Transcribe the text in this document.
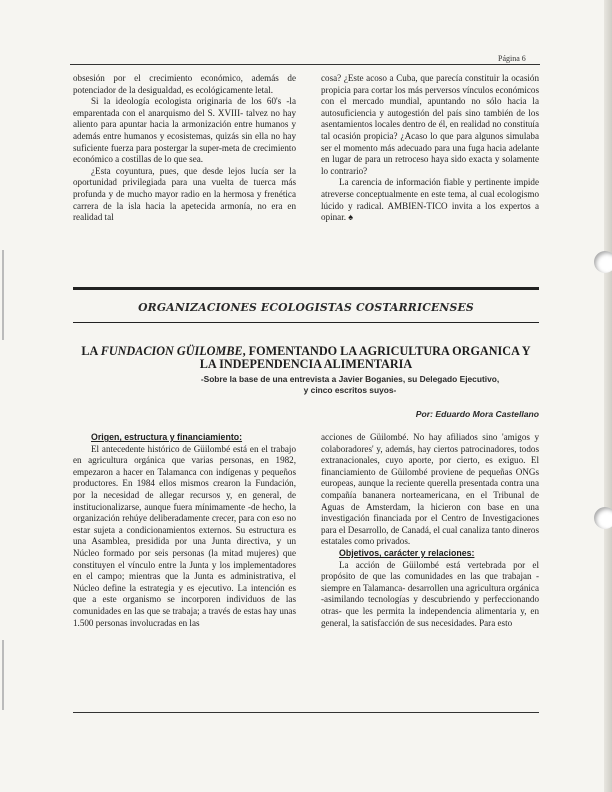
Página 6

obsesión por el crecimiento económico, además de potenciador de la desigualdad, es ecológicamente letal.

Si la ideología ecologista originaria de los 60's -la emparentada con el anarquismo del S. XVIII- talvez no hay aliento para apuntar hacia la armonización entre humanos y además entre humanos y ecosistemas, quizás sin ella no hay suficiente fuerza para postergar la super-meta de crecimiento económico a costillas de lo que sea.

¿Esta coyuntura, pues, que desde lejos lucía ser la oportunidad privilegiada para una vuelta de tuerca más profunda y de mucho mayor radio en la hermosa y frenética carrera de la isla hacia la apetecida armonía, no era en realidad tal

cosa? ¿Este acoso a Cuba, que parecía constituir la ocasión propicia para cortar los más perversos vínculos económicos con el mercado mundial, apuntando no sólo hacia la autosuficiencia y autogestión del país sino también de los asentamientos locales dentro de él, en realidad no constituía tal ocasión propicia? ¿Acaso lo que para algunos simulaba ser el momento más adecuado para una fuga hacia adelante en lugar de para un retroceso haya sido exacta y solamente lo contrario?

La carencia de información fiable y pertinente impide atreverse conceptualmente en este tema, al cual ecologismo lúcido y radical. AMBIEN-TICO invita a los expertos a opinar. ♠

ORGANIZACIONES ECOLOGISTAS COSTARRICENSES
LA FUNDACION GÜILOMBE, FOMENTANDO LA AGRICULTURA ORGANICA Y LA INDEPENDENCIA ALIMENTARIA
-Sobre la base de una entrevista a Javier Boganies, su Delegado Ejecutivo, y cinco escritos suyos-
Por: Eduardo Mora Castellano

Origen, estructura y financiamiento:

El antecedente histórico de Güilombé está en el trabajo en agricultura orgánica que varias personas, en 1982, empezaron a hacer en Talamanca con indígenas y pequeños productores. En 1984 ellos mismos crearon la Fundación, por la necesidad de allegar recursos y, en general, de institucionalizarse, aunque fuera mínimamente -de hecho, la organización rehúye deliberadamente crecer, para con eso no estar sujeta a condicionamientos externos. Su estructura es una Asamblea, presidida por una Junta directiva, y un Núcleo formado por seis personas (la mitad mujeres) que constituyen el vínculo entre la Junta y los implementadores en el campo; mientras que la Junta es administrativa, el Núcleo define la estrategia y es ejecutivo. La intención es que a este organismo se incorporen individuos de las comunidades en las que se trabaja; a través de estas hay unas 1.500 personas involucradas en las

acciones de Güilombé. No hay afiliados sino 'amigos y colaboradores' y, además, hay ciertos patrocinadores, todos extranacionales, cuyo aporte, por cierto, es exiguo. El financiamiento de Güilombé proviene de pequeñas ONGs europeas, aunque la reciente querella presentada contra una compañía bananera norteamericana, en el Tribunal de Aguas de Amsterdam, la hicieron con base en una investigación financiada por el Centro de Investigaciones para el Desarrollo, de Canadá, el cual canaliza tanto dineros estatales como privados.

Objetivos, carácter y relaciones:

La acción de Güilombé está vertebrada por el propósito de que las comunidades en las que trabajan -siempre en Talamanca- desarrollen una agricultura orgánica -asimilando tecnologías y descubriendo y perfeccionando otras- que les permita la independencia alimentaria y, en general, la satisfacción de sus necesidades. Para esto
